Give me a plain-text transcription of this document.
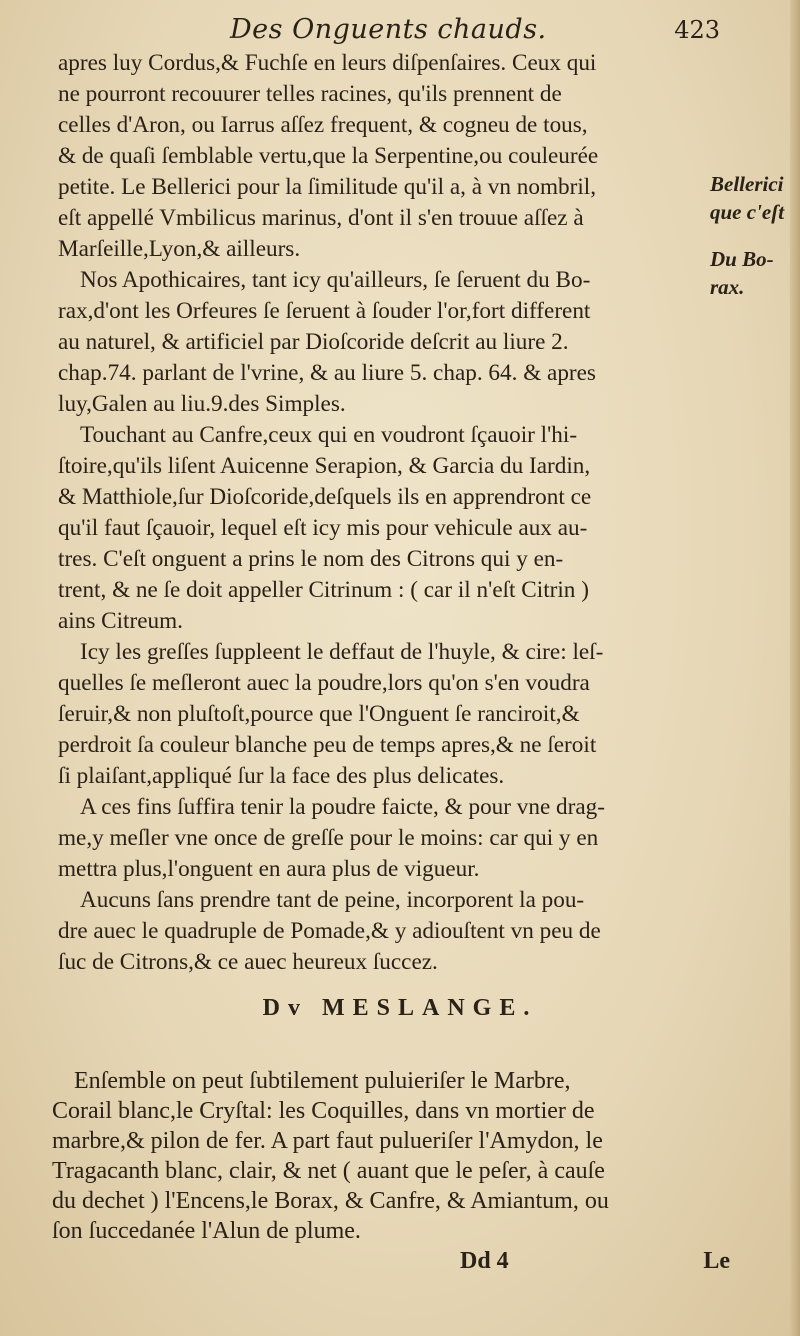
Des Onguents chauds.	423
apres luy Cordus,& Fuchſe en leurs diſpenſaires. Ceux qui
ne pourront recouurer telles racines, qu'ils prennent de
celles d'Aron, ou Iarrus aſſez frequent, & cogneu de tous,
& de quaſi ſemblable vertu,que la Serpentine,ou couleurée
petite. Le Bellerici pour la ſimilitude qu'il a, à vn nombril,
eſt appellé Vmbilicus marinus, d'ont il s'en trouue aſſez à
Marſeille,Lyon,& ailleurs.
Nos Apothicaires, tant icy qu'ailleurs, ſe ſeruent du Bo-
rax,d'ont les Orfeures ſe ſeruent à ſouder l'or,fort different
au naturel, & artificiel par Dioſcoride deſcrit au liure 2.
chap.74. parlant de l'vrine, & au liure 5. chap. 64. & apres
luy,Galen au liu.9.des Simples.
Touchant au Canfre,ceux qui en voudront ſçauoir l'hi-
ſtoire,qu'ils liſent Auicenne Serapion, & Garcia du Iardin,
& Matthiole,ſur Dioſcoride,deſquels ils en apprendront ce
qu'il faut ſçauoir, lequel eſt icy mis pour vehicule aux au-
tres. C'eſt onguent a prins le nom des Citrons qui y en-
trent, & ne ſe doit appeller Citrinum : ( car il n'eſt Citrin )
ains Citreum.
Icy les greſſes ſuppleent le deffaut de l'huyle, & cire: leſ-
quelles ſe meſleront auec la poudre,lors qu'on s'en voudra
ſeruir,& non pluſtoſt,pource que l'Onguent ſe ranciroit,&
perdroit ſa couleur blanche peu de temps apres,& ne ſeroit
ſi plaiſant,appliqué ſur la face des plus delicates.
A ces fins ſuffira tenir la poudre faicte, & pour vne drag-
me,y meſler vne once de greſſe pour le moins: car qui y en
mettra plus,l'onguent en aura plus de vigueur.
Aucuns ſans prendre tant de peine, incorporent la pou-
dre auec le quadruple de Pomade,& y adiouſtent vn peu de
ſuc de Citrons,& ce auec heureux ſuccez.
Bellerici
que c'eſt
Du Bo-
rax.
Dv MESLANGE.
Enſemble on peut ſubtilement puluieriſer le Marbre,
Corail blanc,le Cryſtal: les Coquilles, dans vn mortier de
marbre,& pilon de fer. A part faut pulueriſer l'Amydon, le
Tragacanth blanc, clair, & net ( auant que le peſer, à cauſe
du dechet ) l'Encens,le Borax, & Canfre, & Amiantum, ou
ſon ſuccedanée l'Alun de plume.
Dd 4	Le
